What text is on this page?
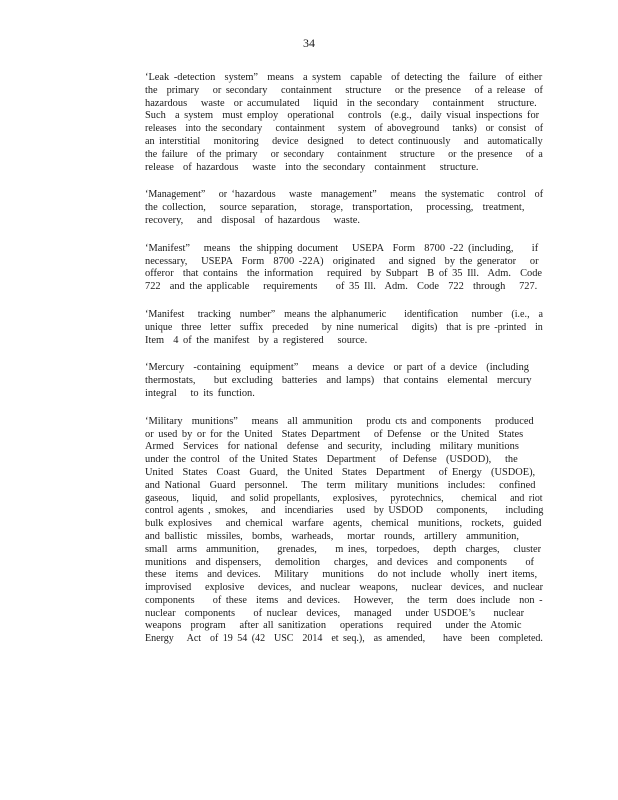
34

‘Leak -detection  system”  means  a system  capable  of detecting the  failure  of either
the  primary   or secondary   containment   structure   or the presence   of a release  of
hazardous   waste  or accumulated   liquid  in the secondary   containment   structure.
Such  a system  must employ  operational   controls  (e.g.,  daily visual inspections for
releases  into the secondary   containment   system  of aboveground   tanks)  or consist  of
an interstitial   monitoring   device  designed   to detect continuously   and  automatically
the failure  of the primary   or secondary   containment   structure   or the presence   of a
release  of hazardous   waste  into the secondary  containment   structure.

‘Management”   or ‘hazardous   waste  management”   means  the systematic   control  of
the collection,   source separation,   storage,  transportation,   processing,  treatment,
recovery,   and  disposal  of hazardous   waste.

‘Manifest”   means  the shipping document   USEPA  Form  8700 -22 (including,    if
necessary,   USEPA  Form  8700 -22A)  originated   and signed  by the generator   or
offeror  that contains  the information   required  by Subpart  B of 35 Ill.  Adm.  Code
722  and the applicable   requirements    of 35 Ill.  Adm.  Code  722  through   727.

‘Manifest   tracking  number”  means the alphanumeric    identification   number  (i.e.,  a
unique  three  letter  suffix  preceded   by nine numerical   digits)  that is pre -printed  in
Item  4 of the manifest  by a registered   source.

‘Mercury  -containing  equipment”   means  a device  or part of a device  (including
thermostats,    but excluding  batteries  and lamps)  that contains  elemental  mercury
integral   to its function.

‘Military  munitions”   means  all ammunition   produ cts and components   produced
or used by or for the United  States Department   of Defense  or the United  States
Armed  Services  for national  defense  and security,  including  military munitions
under the control  of the United States  Department   of Defense  (USDOD),   the
United  States  Coast  Guard,  the United  States  Department   of Energy  (USDOE),
and National  Guard  personnel.   The  term  military  munitions  includes:   confined
gaseous,   liquid,   and solid propellants,   explosives,   pyrotechnics,    chemical   and riot
control agents , smokes,   and  incendiaries   used  by USDOD   components,    including
bulk explosives   and chemical  warfare  agents,  chemical  munitions,  rockets,  guided
and ballistic  missiles,  bombs,  warheads,   mortar  rounds,  artillery  ammunition,
small  arms  ammunition,    grenades,    m ines,  torpedoes,   depth  charges,   cluster
munitions  and dispensers,   demolition   charges,  and devices  and components    of
these  items  and devices.   Military   munitions   do not include  wholly  inert items,
improvised   explosive   devices,  and nuclear  weapons,   nuclear  devices,  and nuclear
components    of these  items  and devices.   However,   the  term  does include  non -
nuclear  components    of nuclear  devices,   managed   under USDOE’s    nuclear
weapons  program   after all sanitization   operations   required   under the Atomic
Energy   Act  of 19 54 (42  USC  2014  et seq.),  as amended,    have  been  completed.
